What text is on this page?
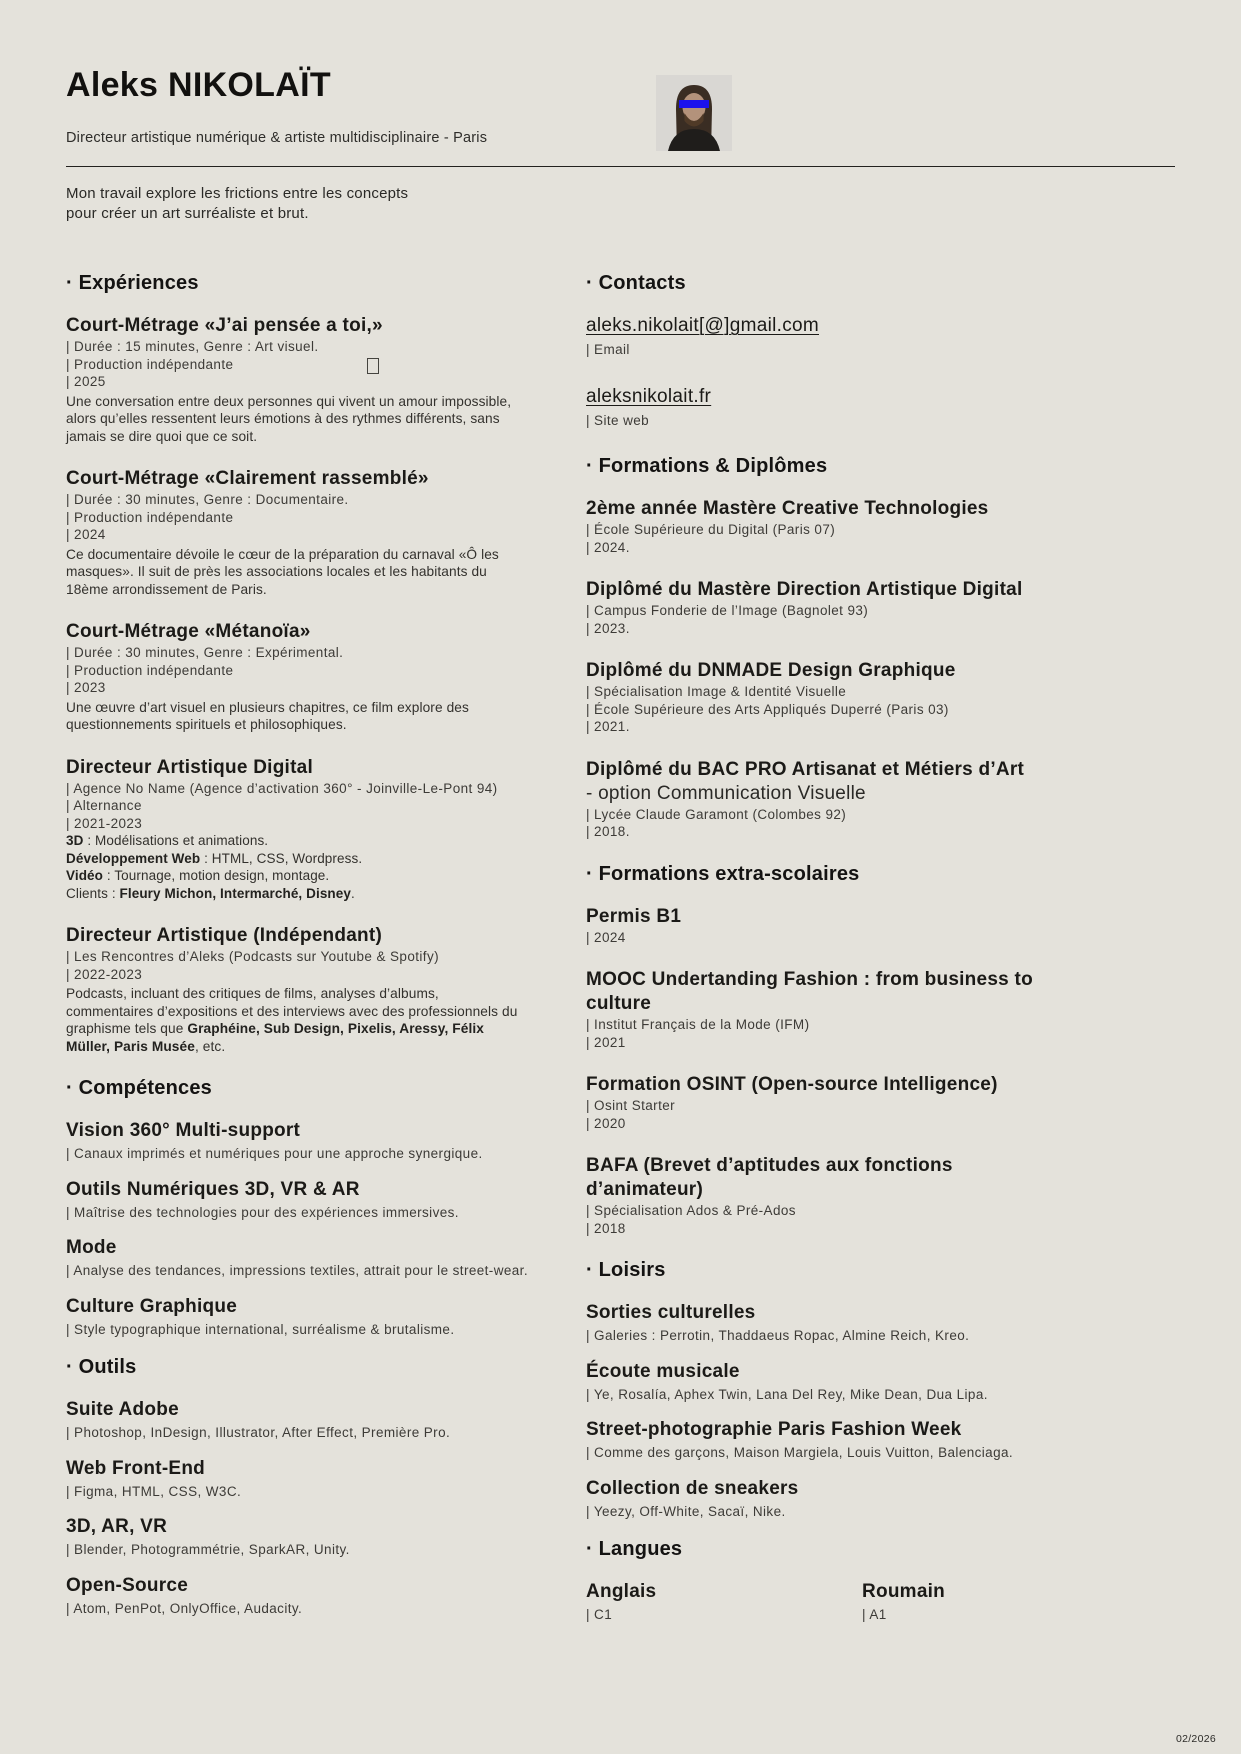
Aleks NIKOLAÏT
Directeur artistique numérique & artiste multidisciplinaire - Paris
Mon travail explore les frictions entre les concepts
pour créer un art surréaliste et brut.
· Expériences
Court-Métrage «J’ai pensée a toi,»
| Durée : 15 minutes, Genre : Art visuel.
| Production indépendante
| 2025

Une conversation entre deux personnes qui vivent un amour impossible, alors qu’elles ressentent leurs émotions à des rythmes différents, sans jamais se dire quoi que ce soit.

Court-Métrage «Clairement rassemblé»
| Durée : 30 minutes, Genre : Documentaire.
| Production indépendante
| 2024

Ce documentaire dévoile le cœur de la préparation du carnaval «Ô les masques». Il suit de près les associations locales et les habitants du 18ème arrondissement de Paris.

Court-Métrage «Métanoïa»
| Durée : 30 minutes, Genre : Expérimental.
| Production indépendante
| 2023

Une œuvre d’art visuel en plusieurs chapitres, ce film explore des questionnements spirituels et philosophiques.

Directeur Artistique Digital
| Agence No Name (Agence d’activation 360° - Joinville-Le-Pont 94)
| Alternance
| 2021-2023
3D : Modélisations et animations.
Développement Web : HTML, CSS, Wordpress.
Vidéo : Tournage, motion design, montage.
Clients : Fleury Michon, Intermarché, Disney.
Directeur Artistique (Indépendant)
| Les Rencontres d’Aleks (Podcasts sur Youtube & Spotify)
| 2022-2023

Podcasts, incluant des critiques de films, analyses d’albums, commentaires d’expositions et des interviews avec des professionnels du graphisme tels que Graphéine, Sub Design, Pixelis, Aressy, Félix Müller, Paris Musée, etc.

· Compétences
Vision 360° Multi-support
| Canaux imprimés et numériques pour une approche synergique.
Outils Numériques 3D, VR & AR
| Maîtrise des technologies pour des expériences immersives.
Mode
| Analyse des tendances, impressions textiles, attrait pour le street-wear.
Culture Graphique
| Style typographique international, surréalisme & brutalisme.
· Outils
Suite Adobe
| Photoshop, InDesign, Illustrator, After Effect, Première Pro.
Web Front-End
| Figma, HTML, CSS, W3C.
3D, AR, VR
| Blender, Photogrammétrie, SparkAR, Unity.
Open-Source
| Atom, PenPot, OnlyOffice, Audacity.
· Contacts
aleks.nikolait[@]gmail.com
| Email
aleksnikolait.fr
| Site web
· Formations & Diplômes
2ème année Mastère Creative Technologies
| École Supérieure du Digital (Paris 07)
| 2024.
Diplômé du Mastère Direction Artistique Digital
| Campus Fonderie de l’Image (Bagnolet 93)
| 2023.
Diplômé du DNMADE Design Graphique
| Spécialisation Image & Identité Visuelle
| École Supérieure des Arts Appliqués Duperré (Paris 03)
| 2021.
Diplômé du BAC PRO Artisanat et Métiers d’Art
- option Communication Visuelle
| Lycée Claude Garamont (Colombes 92)
| 2018.
· Formations extra-scolaires
Permis B1
| 2024
MOOC Undertanding Fashion : from business to culture
| Institut Français de la Mode (IFM)
| 2021
Formation OSINT (Open-source Intelligence)
| Osint Starter
| 2020
BAFA (Brevet d’aptitudes aux fonctions d’animateur)
| Spécialisation Ados & Pré-Ados
| 2018
· Loisirs
Sorties culturelles
| Galeries : Perrotin, Thaddaeus Ropac, Almine Reich, Kreo.
Écoute musicale
| Ye, Rosalía, Aphex Twin, Lana Del Rey, Mike Dean, Dua Lipa.
Street-photographie Paris Fashion Week
| Comme des garçons, Maison Margiela, Louis Vuitton, Balenciaga.
Collection de sneakers
| Yeezy, Off-White, Sacaï, Nike.
· Langues
Anglais
| C1
Roumain
| A1
02/2026
